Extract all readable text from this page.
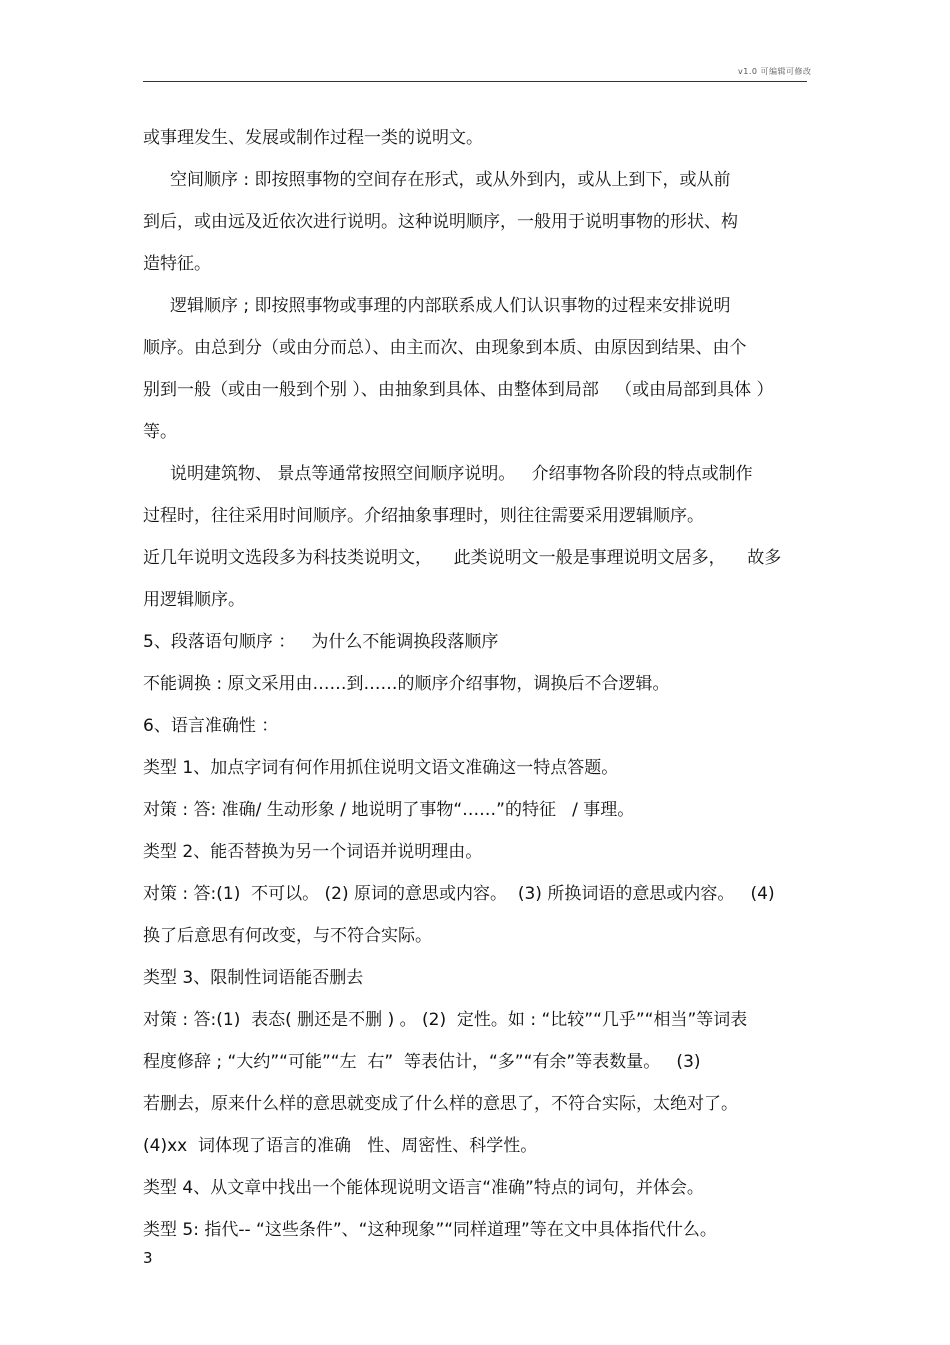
v1.0 可编辑可修改
或事理发生、发展或制作过程一类的说明文。
空间顺序 : 即按照事物的空间存在形式，或从外到内，或从上到下，或从前
到后，或由远及近依次进行说明。这种说明顺序，一般用于说明事物的形状、构
造特征。
逻辑顺序 ; 即按照事物或事理的内部联系成人们认识事物的过程来安排说明
顺序。由总到分（或由分而总）、由主而次、由现象到本质、由原因到结果、由个
别到一般（或由一般到个别 ）、由抽象到具体、由整体到局部   （或由局部到具体 ）
等。
说明建筑物、 景点等通常按照空间顺序说明。   介绍事物各阶段的特点或制作
过程时，往往采用时间顺序。介绍抽象事理时，则往往需要采用逻辑顺序。
近几年说明文选段多为科技类说明文，    此类说明文一般是事理说明文居多，    故多
用逻辑顺序。
5、段落语句顺序 ：   为什么不能调换段落顺序
不能调换 : 原文采用由……到……的顺序介绍事物，调换后不合逻辑。
6、语言准确性 ：
类型 1、加点字词有何作用抓住说明文语文准确这一特点答题。
对策 : 答: 准确/ 生动形象 / 地说明了事物“……”的特征   / 事理。
类型 2、能否替换为另一个词语并说明理由。
对策 : 答:(1)  不可以。 (2) 原词的意思或内容。  (3) 所换词语的意思或内容。   (4)
换了后意思有何改变，与不符合实际。
类型 3、限制性词语能否删去
对策 : 答:(1)  表态( 删还是不删 ) 。 (2)  定性。如 : “比较”“几乎”“相当”等词表
程度修辞 ; “大约”“可能”“左  右”  等表估计，“多”“有余”等表数量。   (3)
若删去，原来什么样的意思就变成了什么样的意思了，不符合实际，太绝对了。
(4)xx  词体现了语言的准确   性、周密性、科学性。
类型 4、从文章中找出一个能体现说明文语言“准确”特点的词句，并体会。
类型 5: 指代-- “这些条件”、“这种现象”“同样道理”等在文中具体指代什么。
3
